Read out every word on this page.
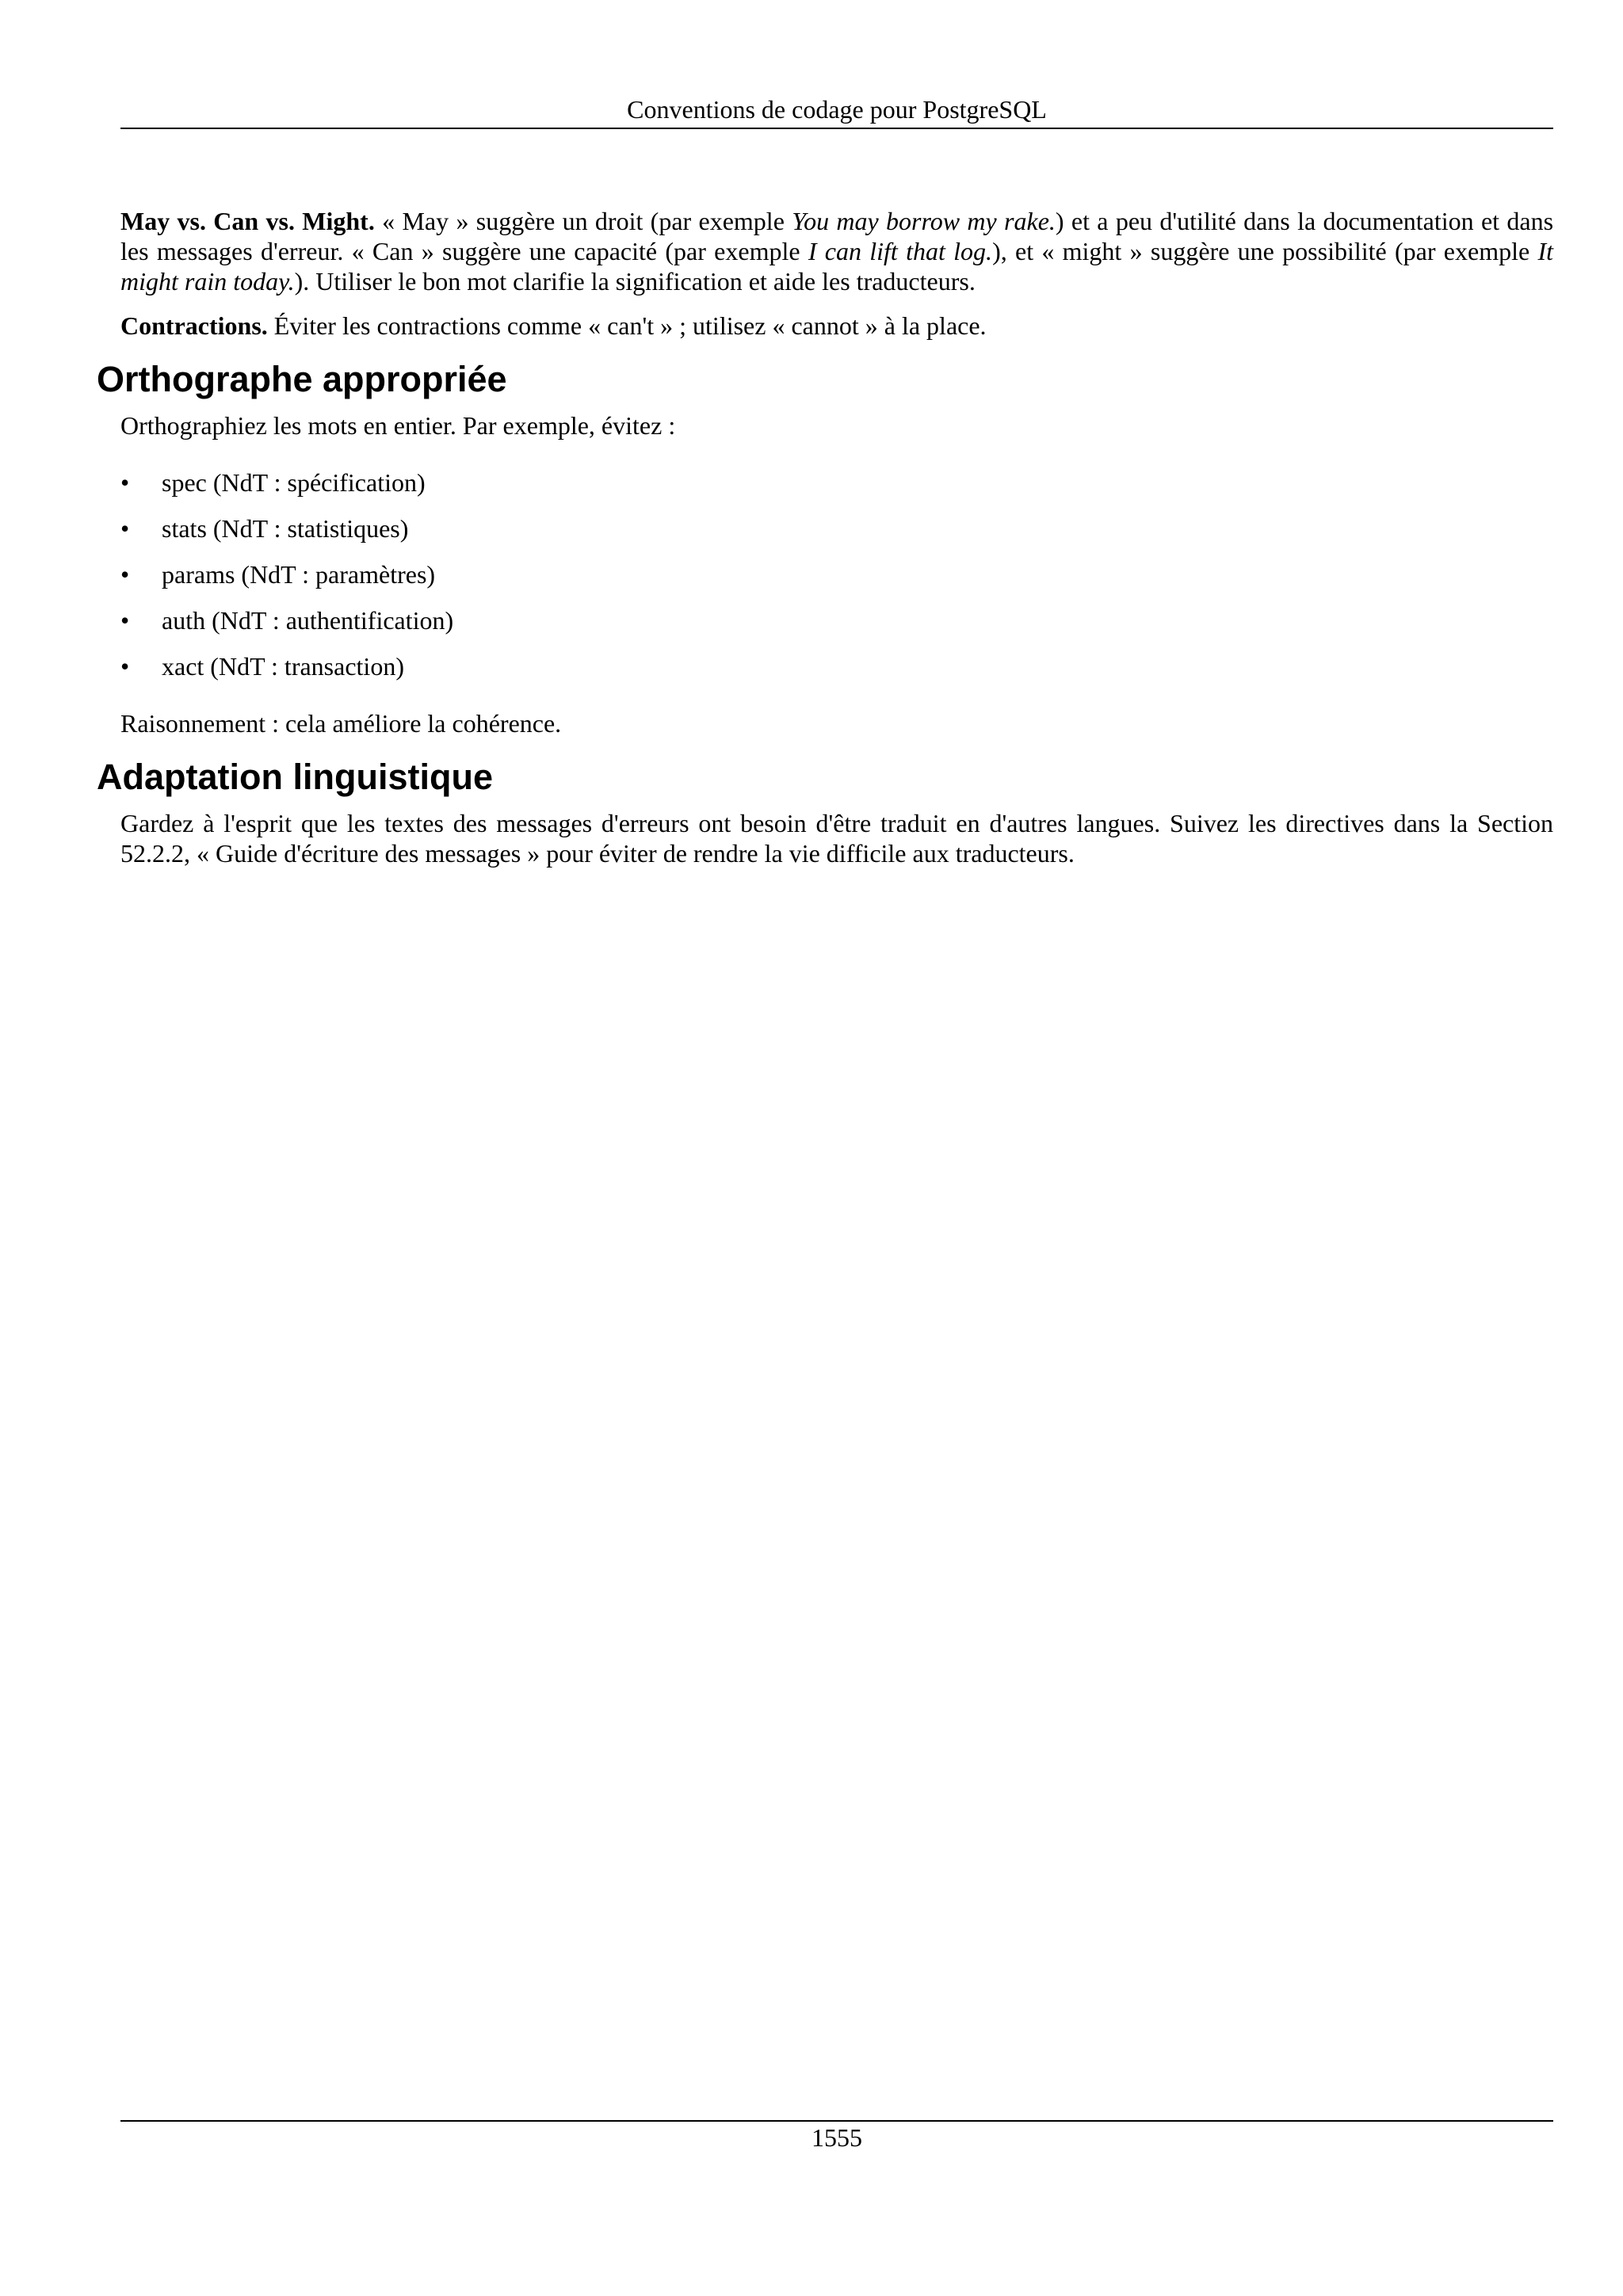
Conventions de codage pour PostgreSQL

May vs. Can vs. Might. « May » suggère un droit (par exemple You may borrow my rake.) et a peu d'utilité dans la documentation et dans les messages d'erreur. « Can » suggère une capacité (par exemple I can lift that log.), et « might » suggère une possibilité (par exemple It might rain today.). Utiliser le bon mot clarifie la signification et aide les traducteurs.

Contractions. Éviter les contractions comme « can't » ; utilisez « cannot » à la place.

Orthographe appropriée

Orthographiez les mots en entier. Par exemple, évitez :

• spec (NdT : spécification)
• stats (NdT : statistiques)
• params (NdT : paramètres)
• auth (NdT : authentification)
• xact (NdT : transaction)

Raisonnement : cela améliore la cohérence.

Adaptation linguistique

Gardez à l'esprit que les textes des messages d'erreurs ont besoin d'être traduit en d'autres langues. Suivez les directives dans la Section 52.2.2, « Guide d'écriture des messages » pour éviter de rendre la vie difficile aux traducteurs.

1555
